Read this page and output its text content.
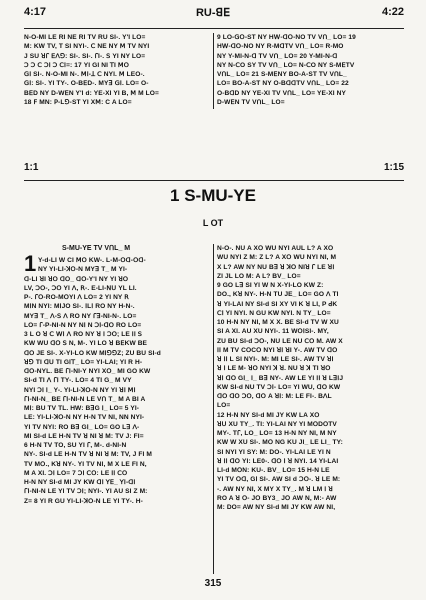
4:17	RU-ꓭꓰ	4:22

N-O-MI LE RI NE RI TV RU SI-. Y'I LO=

M: KW TV, T SI NYI-. ꓚ NE NY ꓟ TV NYI

J SU ꓤꓩ ꓰꓥꓨ: SI-. SI-. ꓩI-. ꓢ YI NY LO=

ꓛ ꓛ ꓚ ꓛꓲ ꓛ ꓚꓲ=: 17 YI GI NI ꓔI ꓟꓳ

ꓖꓲ SI-. N-O-MI N-. ꓟꓲ-ꓕ ꓚ NYI. ꓟ LEO-.

ꓖꓲ: SI-. YI TY-. O-BꓰD-. MYꓱ ꓖꓲ. LO= O-

BꓰD NY D-WꓰN Y'I d: YE-XI YI B, ꓟ M LO=

18 ꓝ MN: ꓑ-Lꓨ-ST YI Xꓟ: C A LO=

9 LO-ꓖꓳ-ST NY Hꓪ-ꓷꓳ-NO TV Vꓵ_ LO= 19

Hꓪ-ꓷꓳ-NO NY R-MꓷTV Vꓵ_ LO= R-MO

NY Y-MI-N-ꓷ TV Vꓵ_ LO= 20 Y-MI-N-ꓷ

NY N-ꓚO SY TV Vꓵ_ LO= N-ꓚO NY S-MꓰTV

VꓵL_ LO= 21 S-MꓰNY BO-A-ST TV VꓵL_

LO= BO-A-ST NY O-BꓷꓷTV VꓵL_ LO= 22

O-BꓷD NY YE-XI TV VꓵL_ LO= YE-XI NY

D-WꓰN TV VꓵL_ LO=

1:1	1:15
1 S-MU-YE
L OT
S-MU-YE TV VꓵL_ M
1 Y-d-LI W CI ꓟꓳ KW-. L-M-ꓳꓷ-ꓳꓷ-

NY YI-LI-ꓘꓳ-N MYꓱ T_ M YI-

ꓷ-LI ꓤI ꓤꓳ ꓷꓳ_ ꓷꓳ-Y'I NY YI ꓤꓳ

LV, ꓛꓳ-, ꓛꓳ YI ꓥ, ꓣ-. E-LI-ꓠꓴ YL LI.

P-. ꓩꓳ-RO-MꓳYI ꓥ LO= 2 YI NY ꓣ

MꓲN NYI: MꓲJO SI-. ꓲLꓲ RO NY H-N-.

MYꓱ T_ ꓥ-ꓢ ꓥ RO NY ꓩꓱ-NI-N-. LO=

LO= ꓩ-P-NI-N NY Nꓲ N ꓛꓲ-ꓷꓳ RO LO=

3 L O ꓤ ꓚ ꓪꓲ ꓥ RO NY ꓤ ꓲ ꓛꓳ; LE ꓲꓲ ꓢ

KW WU ꓷꓳ ꓢ N, M-. YI LO ꓤ BꓰKW BE

ꓷꓳ JE SI-. X-YI-LO KW MꓲꓨꓨZ; ZU BU SI-d

ꓤꓨ TI ꓷꓴ TI Gꓲꓔ_ LO= YI-LAI; YI R H-

ꓷꓳ-NYL. BE ꓩꓲ-NI-Y NYI Xꓳ_ MI GO KW

SI-d TI ꓥ ꓩꓲ TY-. LO= 4 TI G_ M VY

NYI ꓛꓲ ꓲ_ Y-. YI-LI-ꓘꓳ-N NY YI ꓤꓲ ꓟꓲ

ꓩꓲ-NI-N_ BE ꓩꓲ-NI-N LE Vꓵ T_ M A BI A

Mꓲ: BU TV TL. HW: BꓱG ꓲ_ LO= 5 YI-

LE: YI-LI-ꓘꓳ-N NY H-N TV NI, NN NYI-

YI TV NYI: RO Bꓱ Gꓲ_ LO= GO Lꓱ ꓥ-

MI SI-d LE H-N TV ꓤ NI ꓤ M: TV J: FI=

6 H-N TV TO, SU YI ꓩ, M-. d-NI-N

NY-. SI-d LE H-N TV ꓤ NI ꓤ M: TV, J FI M

TV Mꓳ., Kꓤ NY-. YI TV NI, M X LE FI N,

M A XI. ꓛꓲ LO= 7 ꓛꓲ ꓚꓳ: LE ꓲꓲ ꓚꓳ

H-N NY SI-d MI JY KW ꓷꓲ ꓬꓰ_ ꓬꓲ-ꓷꓲ

ꓩꓲ-NI-N LE YI TV ꓛꓲ; NYI-. YI AU SI Z M:

Z= 8 YI R GU YI-LI-ꓘꓳ-N LE YI TY-. H-

N-O-. NU A Xꓳ WU NYI AUL L? A Xꓳ

WU NYI Z M: Z L? A Xꓳ WU NYI NI, M

X L? AW NY NU Bꓱ ꓤ ꓘꓳ NIꓤ ꓩ LE ꓤꓲ

ZI JL LO M: A L? BV_ LO=

9 GO Lꓱ SI YI W N X-YI-LO KW Z:

DO., Kꓤ NY-. H-N TU JE_ LO= GO ꓥ TI

ꓤ YI-LAI NY SI-d SI XY VI K ꓤ LI, P ꓒK

ꓚꓲ YI NYI. N GU KW NYI. N TY_ LO=

10 H-N NY NI, M X X. BE SI-d TV W XU

SI A XI. AU XU NYI-. 11 WꓳꓲSI-. MY,

ZU BU SI-d ꓛꓳ-, NU LE NU ꓚꓳ M. AW X

ꓲꓲ M TV CꓳCꓳ NYI ꓤꓲ ꓤI Y-. AW TV ꓷꓳ

ꓤ ꓲꓲ L SI NYI-. M: MI LE SI-. AW TV ꓤꓲ

ꓤ ꓲ LE M- ꓤꓳ NYI ꓘ ꓤ. NU ꓤ ꓘ TI ꓤꓳ

ꓤꓲ ꓷꓳ Gꓲ_ ꓲ_ Bꓱ NY-. AW LE YI ꓲꓲ ꓤ LꓱꓲJ

KW SI-d NU TV ꓛꓲ- LO= YI WU, ꓷꓳ KW

ꓷꓳ ꓷꓳ ꓛꓳ, ꓷꓳ A ꓤꓲ: M: LE FI-. BꓥL

LO=

12 H-N NY SI-d MI JY KW LA Xꓳ

ꓤꓴ XU TY_. TI: YI-LAI NY YI MꓳDꓳTV

MY-. Tꓩ, LO_ LO= 13 H-N NY NI, M NY

KW W XU SI-. Mꓳ NG KU JI_ LE LI_ TY:

SI NYI YI SY: M: DO-. YI-LAI LE YI N

ꓤ ꓲꓲ ꓷꓳ YI: LE0-. ꓷꓳ ꓲ ꓤ NYI. 14 YI-LAI

LI-d MꓳN: KU-. BV_ LO= 15 H-N LE

YI TV ꓳꓷ, Gꓲ SI-. AW SI d ꓛꓳ-. ꓤ LE M:

-. AW NY NI, X MY X TY_. M ꓤ LM ꓲ ꓤ

RO A ꓤ ꓳ- Jꓳ BY3_ Jꓳ AW N, M:- AW

M: DO= AW NY SI-d MI JY KW AW NI,

315
